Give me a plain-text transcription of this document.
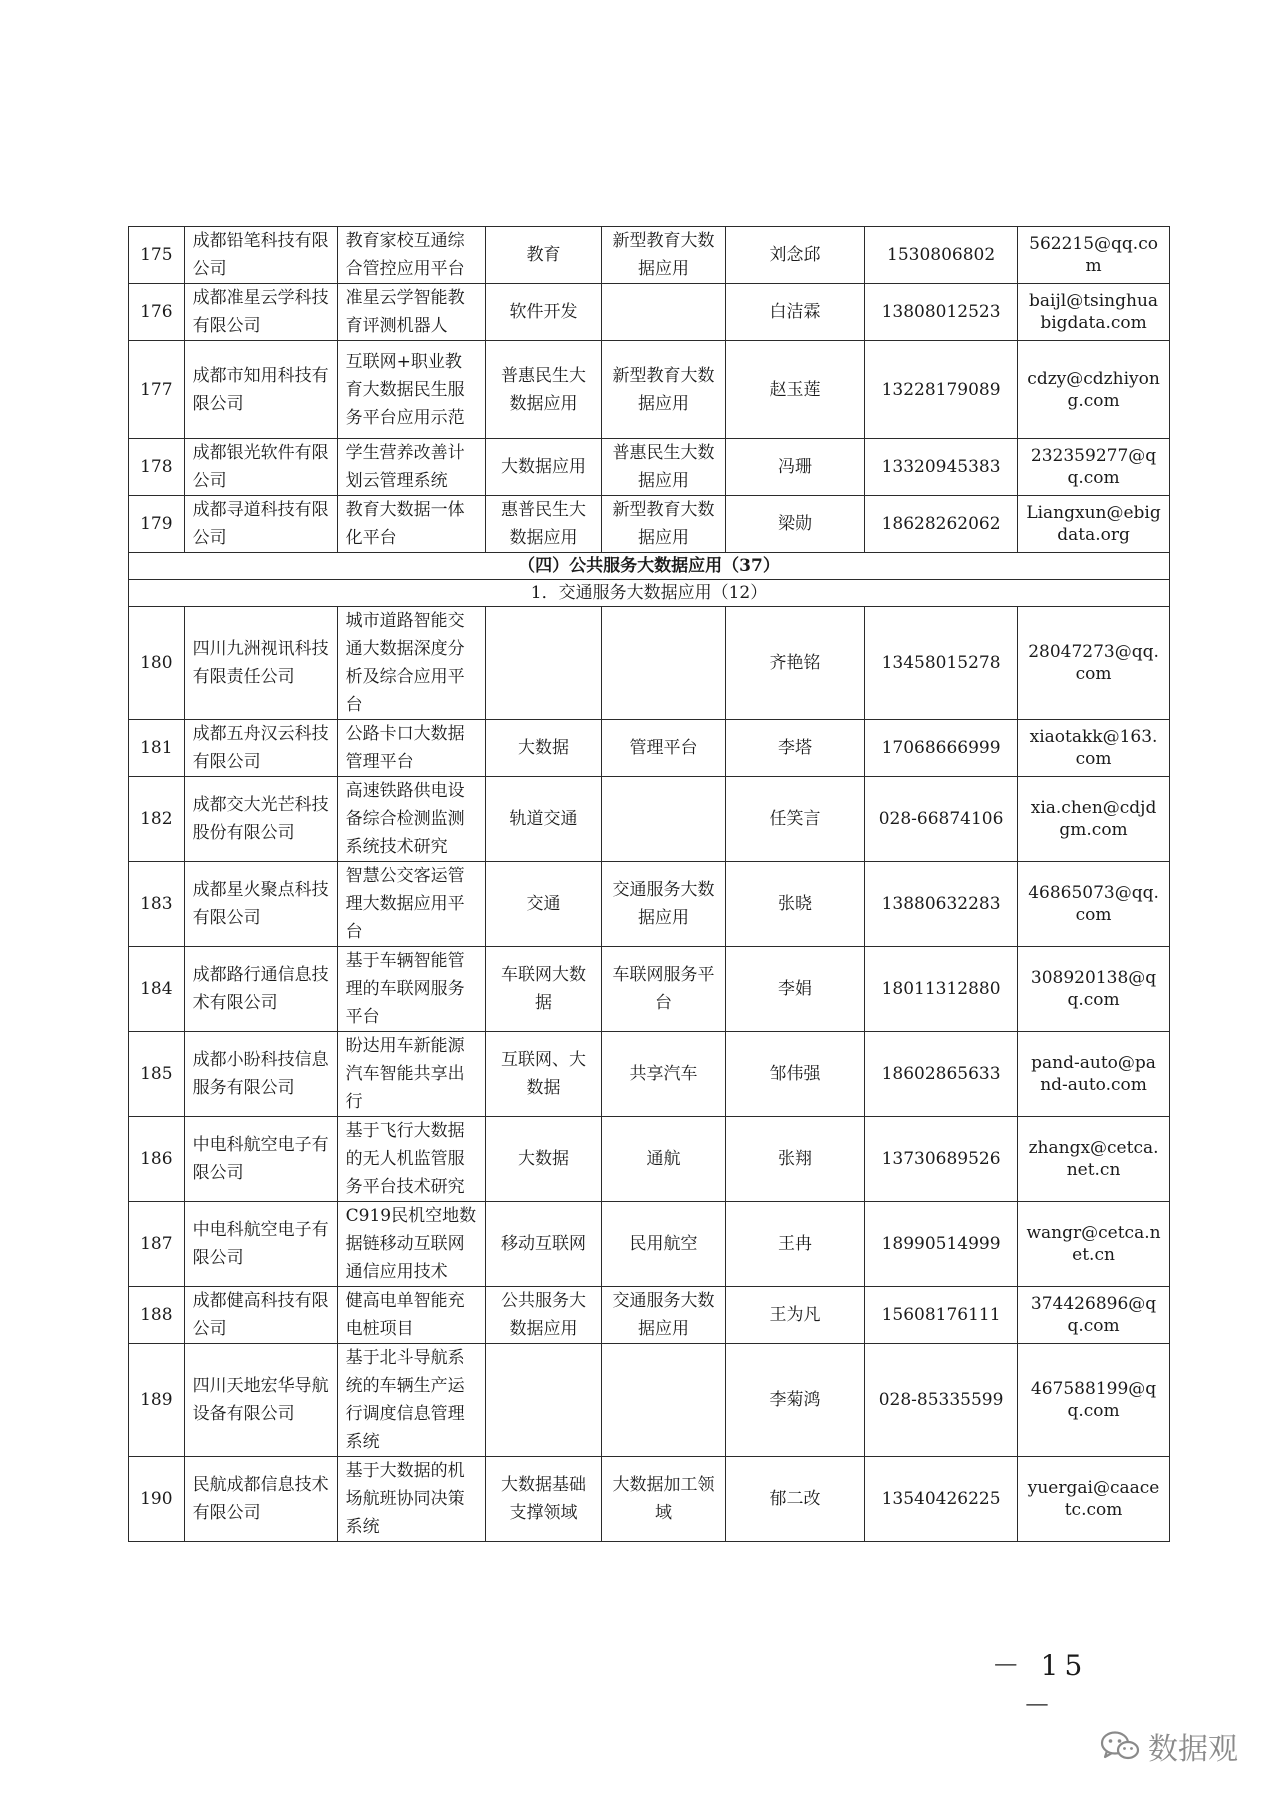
175	成都铅笔科技有限公司	教育家校互通综合管控应用平台	教育	新型教育大数据应用	刘念邱	1530806802	562215@qq.com
176	成都准星云学科技有限公司	准星云学智能教育评测机器人	软件开发		白洁霖	13808012523	baijl@tsinghuabigdata.com
177	成都市知用科技有限公司	互联网+职业教育大数据民生服务平台应用示范	普惠民生大数据应用	新型教育大数据应用	赵玉莲	13228179089	cdzy@cdzhiyong.com
178	成都银光软件有限公司	学生营养改善计划云管理系统	大数据应用	普惠民生大数据应用	冯珊	13320945383	232359277@qq.com
179	成都寻道科技有限公司	教育大数据一体化平台	惠普民生大数据应用	新型教育大数据应用	梁勋	18628262062	Liangxun@ebigdata.org
（四）公共服务大数据应用（37）							
1．交通服务大数据应用（12）							
180	四川九洲视讯科技有限责任公司	城市道路智能交通大数据深度分析及综合应用平台			齐艳铭	13458015278	28047273@qq.com
181	成都五舟汉云科技有限公司	公路卡口大数据管理平台	大数据	管理平台	李塔	17068666999	xiaotakk@163.com
182	成都交大光芒科技股份有限公司	高速铁路供电设备综合检测监测系统技术研究	轨道交通		任笑言	028-66874106	xia.chen@cdjdgm.com
183	成都星火聚点科技有限公司	智慧公交客运管理大数据应用平台	交通	交通服务大数据应用	张晓	13880632283	46865073@qq.com
184	成都路行通信息技术有限公司	基于车辆智能管理的车联网服务平台	车联网大数据	车联网服务平台	李娟	18011312880	308920138@qq.com
185	成都小盼科技信息服务有限公司	盼达用车新能源汽车智能共享出行	互联网、大数据	共享汽车	邹伟强	18602865633	pand-auto@pand-auto.com
186	中电科航空电子有限公司	基于飞行大数据的无人机监管服务平台技术研究	大数据	通航	张翔	13730689526	zhangx@cetca.net.cn
187	中电科航空电子有限公司	C919民机空地数据链移动互联网通信应用技术	移动互联网	民用航空	王冉	18990514999	wangr@cetca.net.cn
188	成都健高科技有限公司	健高电单智能充电桩项目	公共服务大数据应用	交通服务大数据应用	王为凡	15608176111	374426896@qq.com
189	四川天地宏华导航设备有限公司	基于北斗导航系统的车辆生产运行调度信息管理系统			李菊鸿	028-85335599	467588199@qq.com
190	民航成都信息技术有限公司	基于大数据的机场航班协同决策系统	大数据基础支撑领域	大数据加工领域	郁二改	13540426225	yuergai@caacetc.com
－ 15 －
数据观
